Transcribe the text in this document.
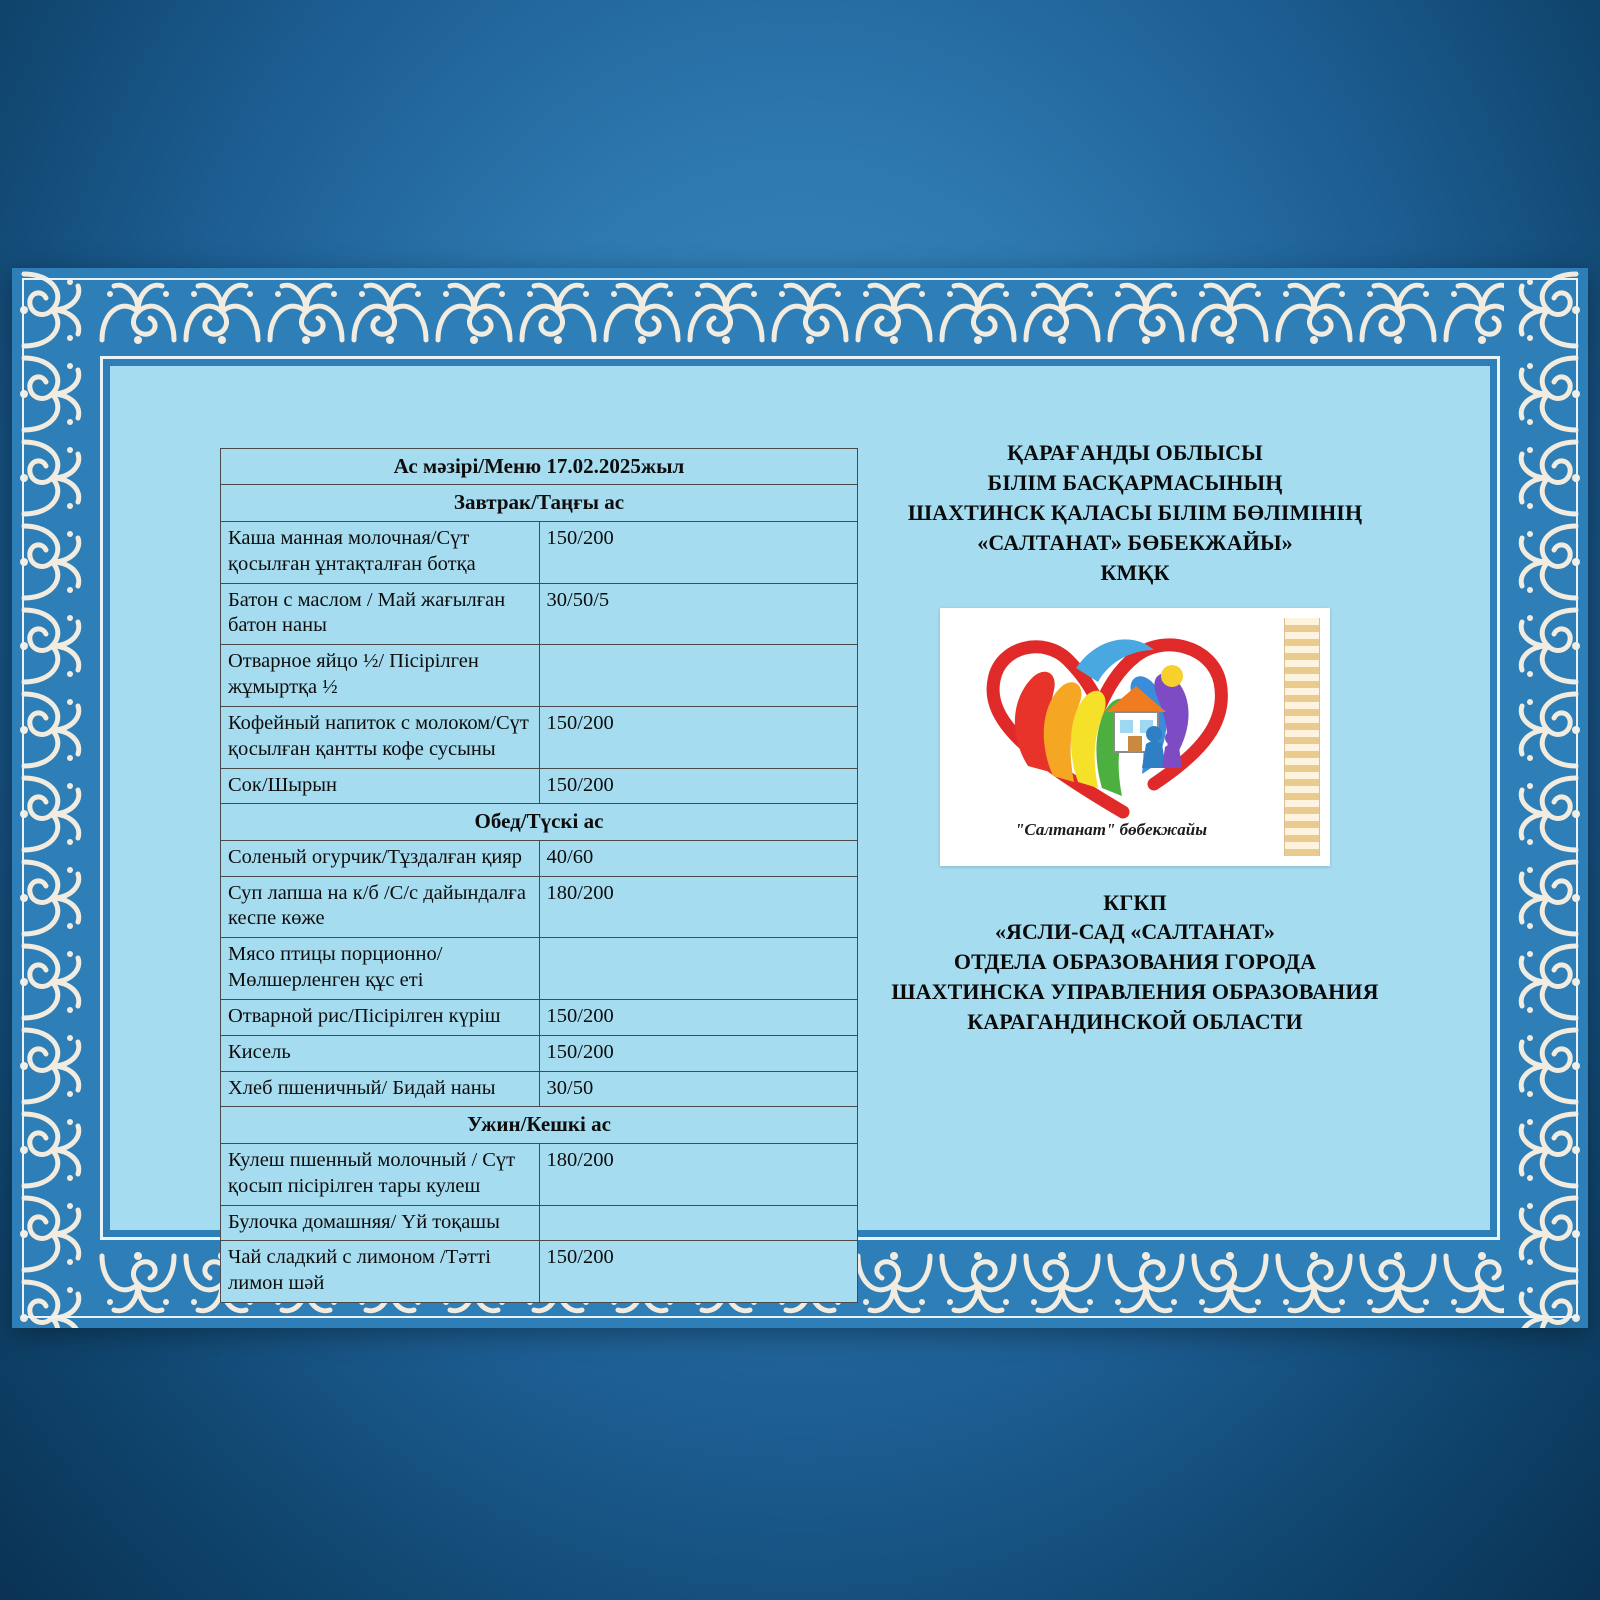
Ас мәзірі/Меню 17.02.2025жыл	
Завтрак/Таңғы ас	
Каша манная молочная/Сүт қосылған ұнтақталған ботқа	150/200
Батон с маслом / Май жағылған батон наны	30/50/5
Отварное яйцо ½/ Пісірілген жұмыртқа ½	
Кофейный напиток с молоком/Сүт қосылған қантты кофе сусыны	150/200
Сок/Шырын	150/200
Обед/Түскі ас	
Соленый огурчик/Тұздалған қияр	40/60
Суп лапша на к/б /С/с дайындалға кеспе көже	180/200
Мясо птицы порционно/Мөлшерленген құс еті	
Отварной рис/Пісірілген күріш	150/200
Кисель	150/200
Хлеб пшеничный/ Бидай наны	30/50
Ужин/Кешкі ас	
Кулеш пшенный молочный / Сүт қосып пісірілген тары кулеш	180/200
Булочка домашняя/ Үй тоқашы	
Чай сладкий с лимоном /Тәтті лимон шәй	150/200
ҚАРАҒАНДЫ ОБЛЫСЫ
БІЛІМ БАСҚАРМАСЫНЫҢ
ШАХТИНСК ҚАЛАСЫ БІЛІМ БӨЛІМІНІҢ
«САЛТАНАТ» БӨБЕКЖАЙЫ»
КМҚК
"Салтанат" бөбекжайы
КГКП
«ЯСЛИ-САД «САЛТАНАТ»
ОТДЕЛА ОБРАЗОВАНИЯ ГОРОДА
ШАХТИНСКА УПРАВЛЕНИЯ ОБРАЗОВАНИЯ
КАРАГАНДИНСКОЙ ОБЛАСТИ
